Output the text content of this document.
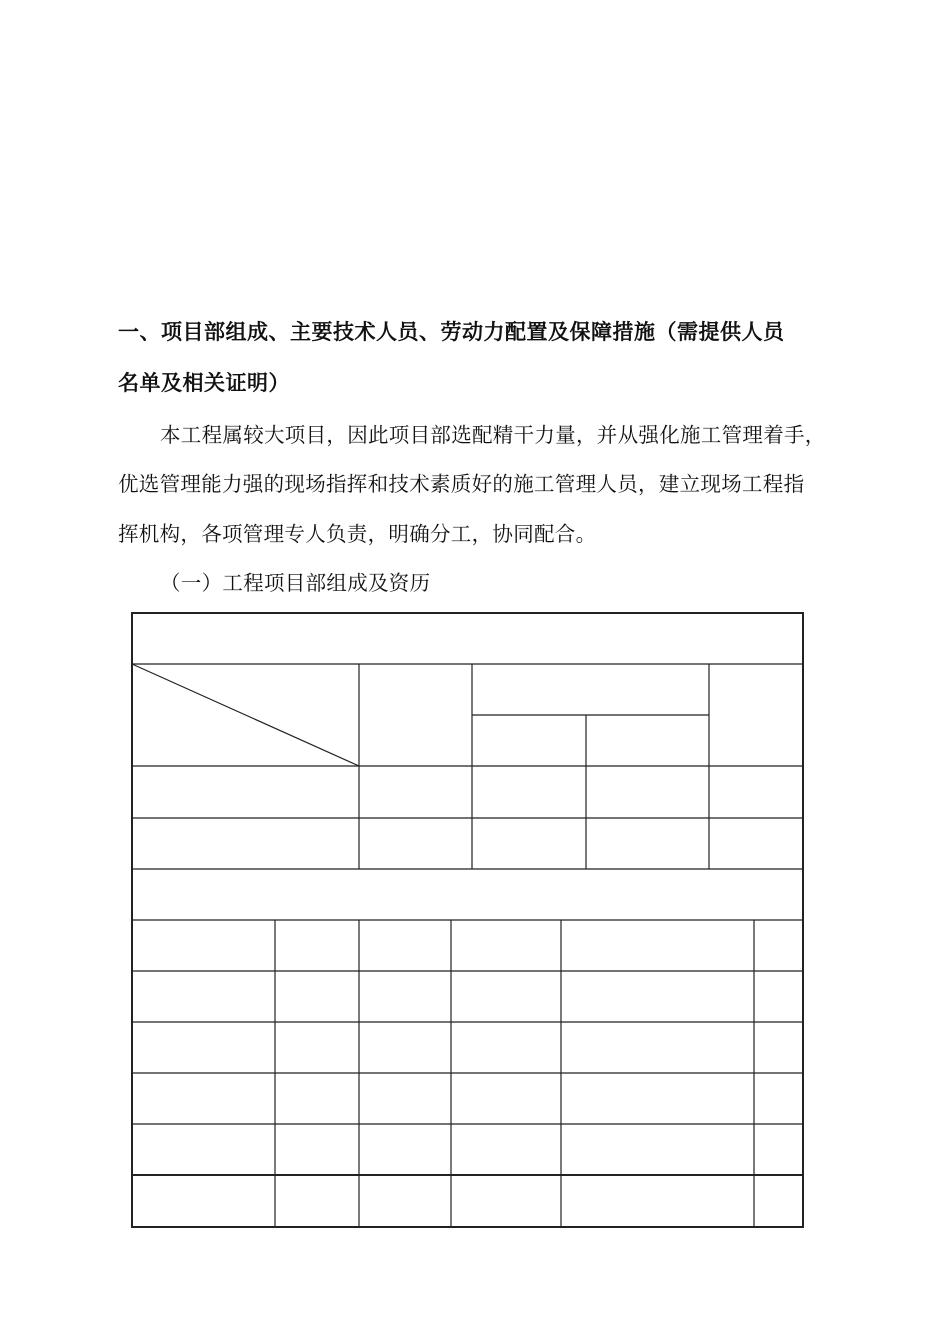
一、项目部组成、主要技术人员、劳动力配置及保障措施（需提供人员
名单及相关证明）
本工程属较大项目，因此项目部选配精干力量，并从强化施工管理着手，
优选管理能力强的现场指挥和技术素质好的施工管理人员，建立现场工程指
挥机构，各项管理专人负责，明确分工，协同配合。
（一）工程项目部组成及资历
